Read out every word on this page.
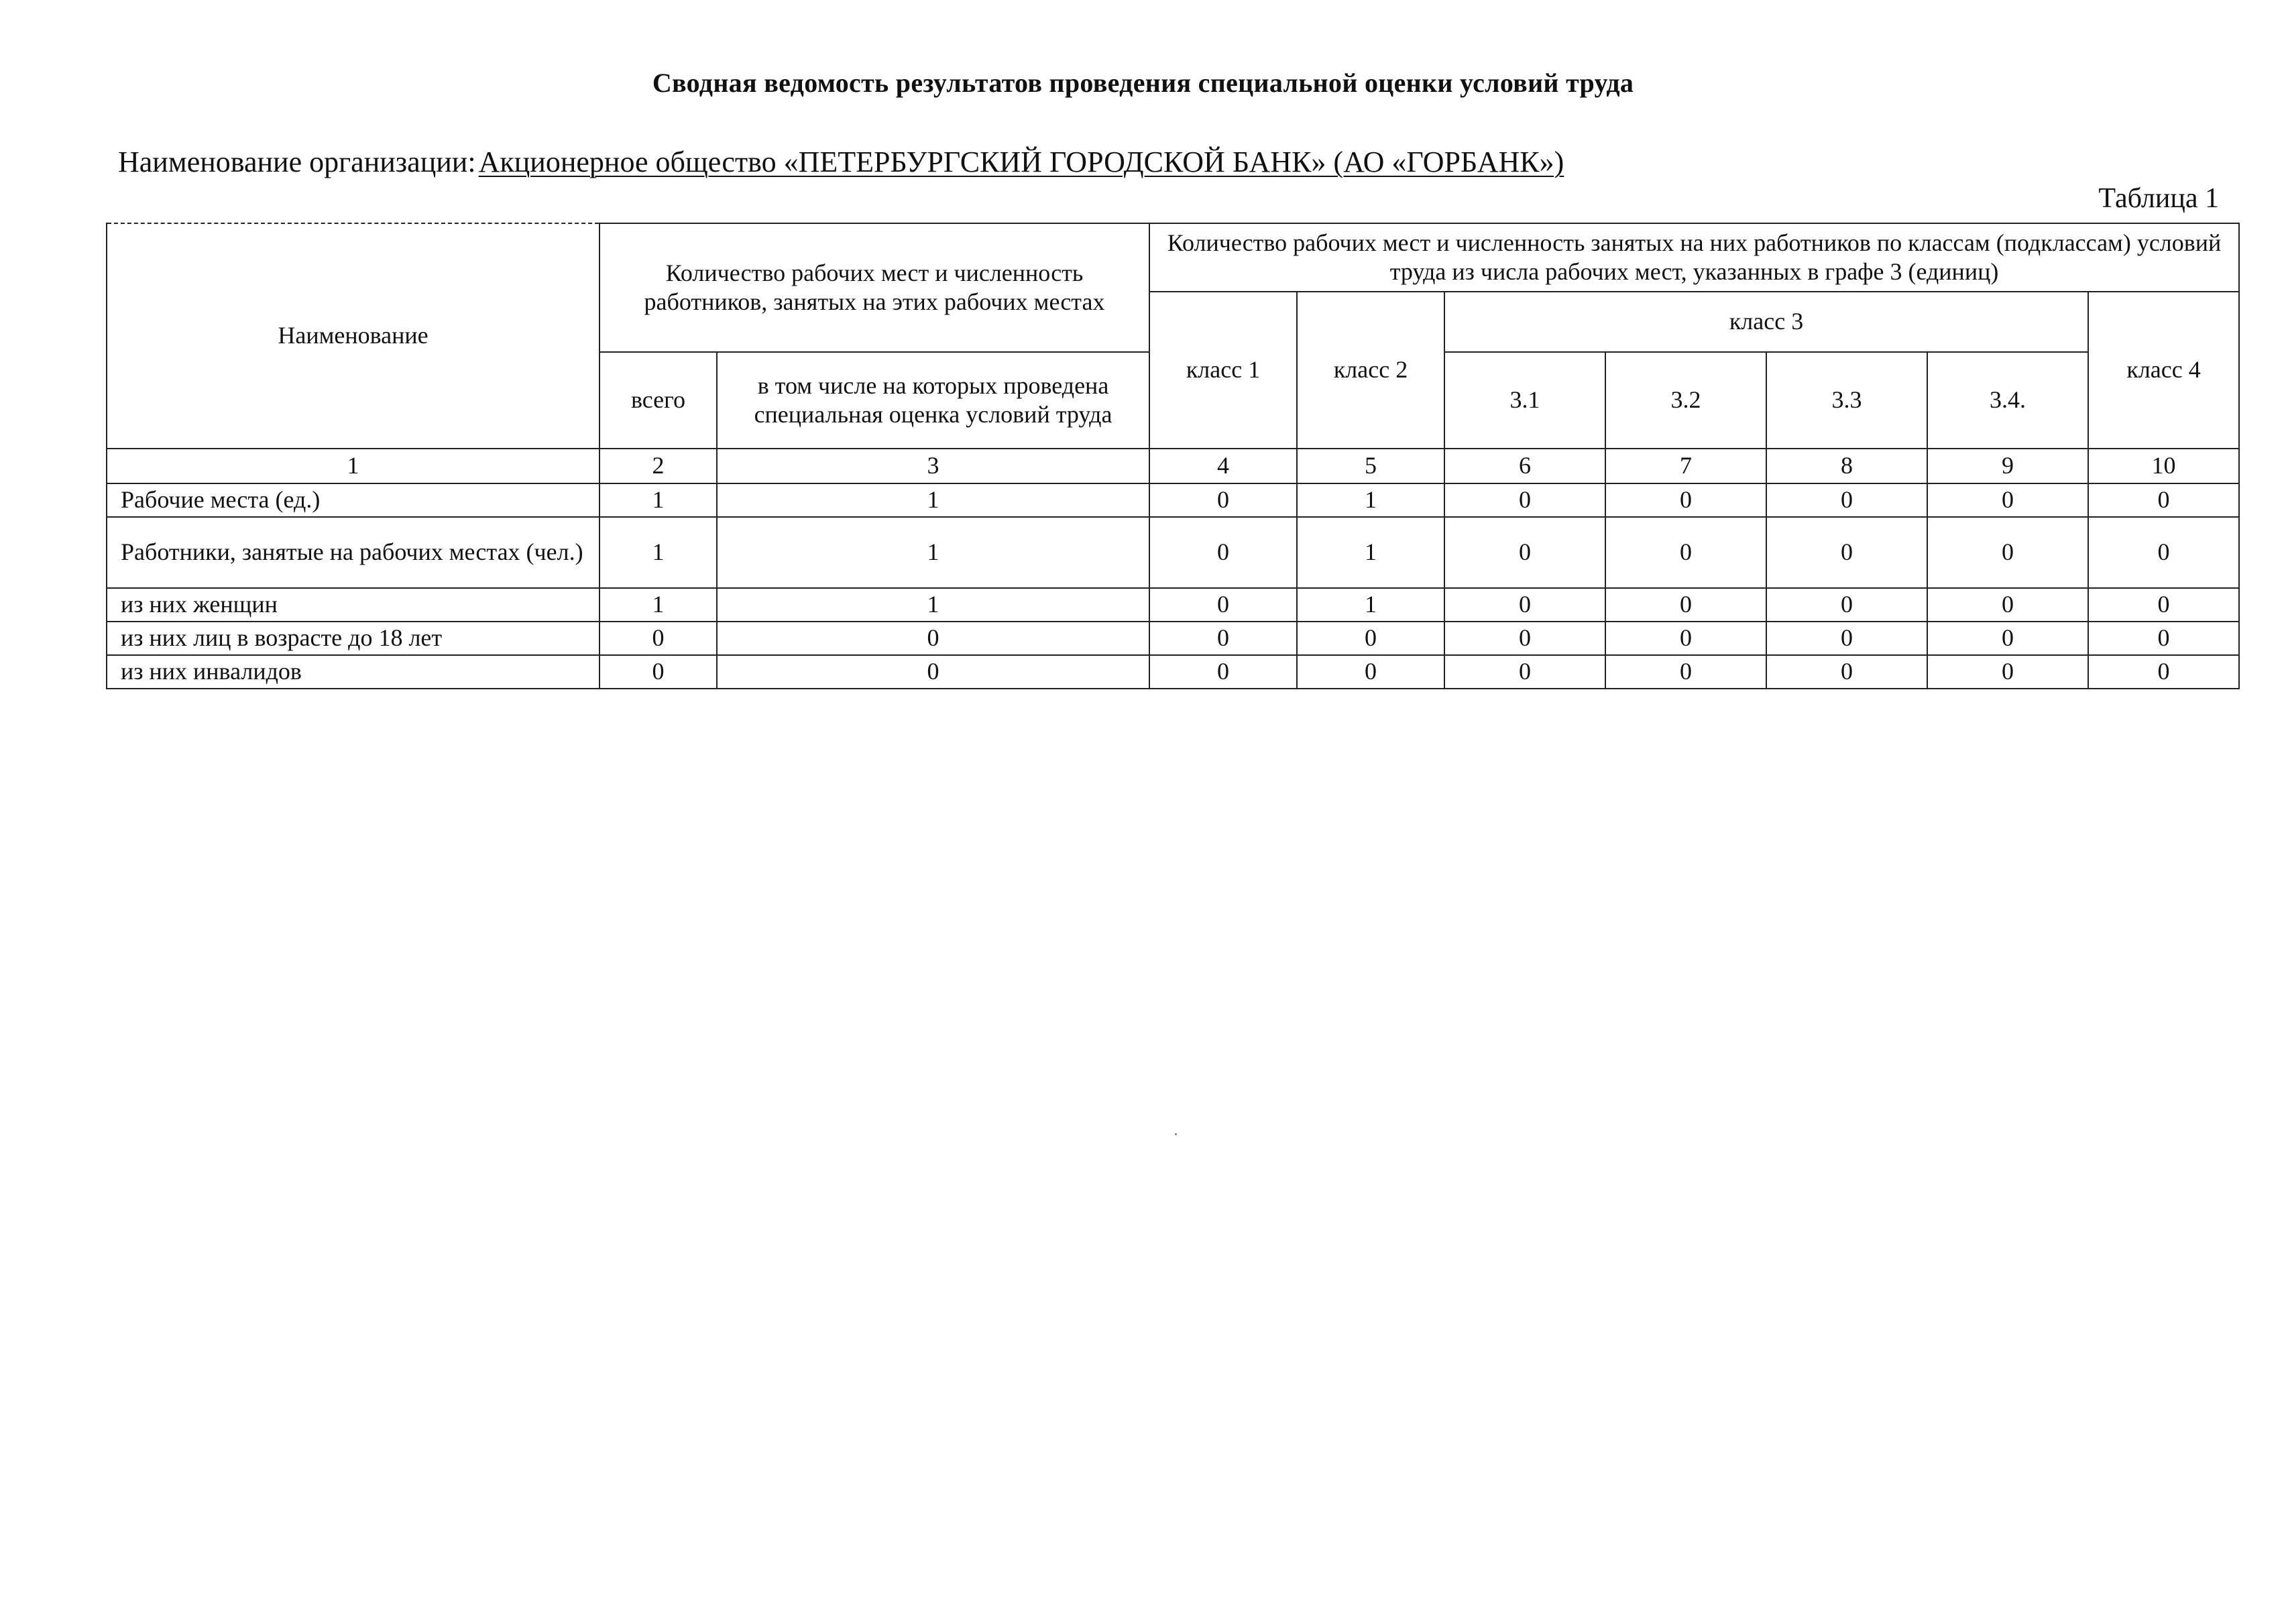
Сводная ведомость результатов проведения специальной оценки условий труда
Наименование организации:Акционерное общество «ПЕТЕРБУРГСКИЙ ГОРОДСКОЙ БАНК» (АО «ГОРБАНК»)
Таблица 1
Наименование	Количество рабочих мест и численность работников, занятых на этих рабочих местах		Количество рабочих мест и численность занятых на них работников по классам (подклассам) условий труда из числа рабочих мест, указанных в графе 3 (единиц)						
			класс 1	класс 2	класс 3				класс 4
	всего	в том числе на которых проведена специальная оценка условий труда			3.1	3.2	3.3	3.4.	
1	2	3	4	5	6	7	8	9	10
Рабочие места (ед.)	1	1	0	1	0	0	0	0	0
Работники, занятые на рабочих местах (чел.)	1	1	0	1	0	0	0	0	0
из них женщин	1	1	0	1	0	0	0	0	0
из них лиц в возрасте до 18 лет	0	0	0	0	0	0	0	0	0
из них инвалидов	0	0	0	0	0	0	0	0	0
